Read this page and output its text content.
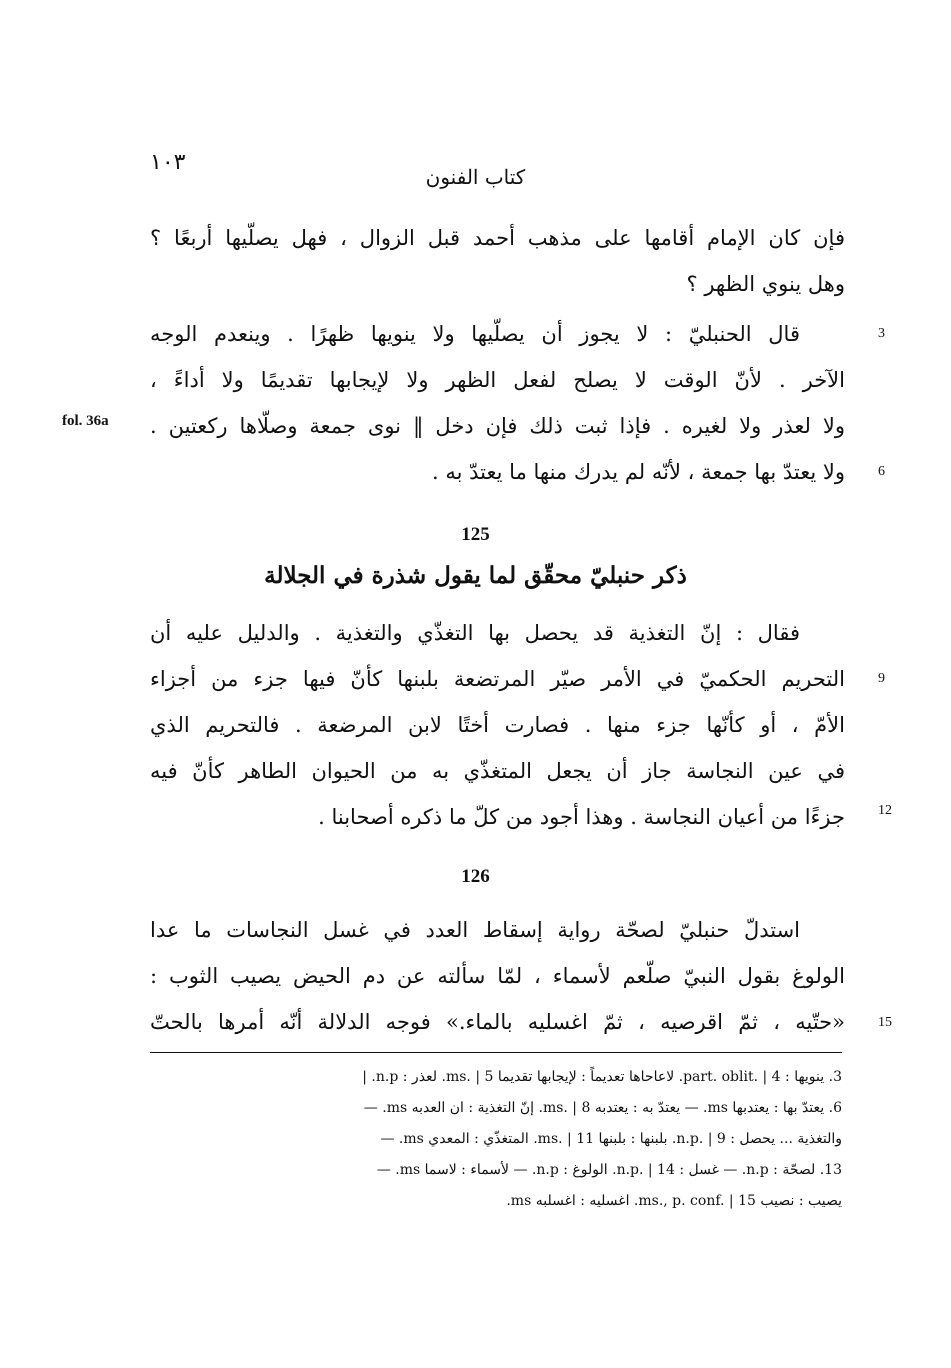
١٠٣
كتاب الفنون
فإن كان الإمام أقامها على مذهب أحمد قبل الزوال ، فهل يصلّيها أربعًا ؟
وهل ينوي الظهر ؟
قال الحنبليّ : لا يجوز أن يصلّيها ولا ينويها ظهرًا . وينعدم الوجه
الآخر . لأنّ الوقت لا يصلح لفعل الظهر ولا لإيجابها تقديمًا ولا أداءً ،
ولا لعذر ولا لغيره . فإذا ثبت ذلك فإن دخل ‖ نوى جمعة وصلّاها ركعتين .
ولا يعتدّ بها جمعة ، لأنّه لم يدرك منها ما يعتدّ به .
fol. 36a
125
ذكر حنبليّ محقّق لما يقول شذرة في الجلالة
فقال : إنّ التغذية قد يحصل بها التغذّي والتغذية . والدليل عليه أن
التحريم الحكميّ في الأمر صيّر المرتضعة بلبنها كأنّ فيها جزء من أجزاء
الأمّ ، أو كأنّها جزء منها . فصارت أختًا لابن المرضعة . فالتحريم الذي
في عين النجاسة جاز أن يجعل المتغذّي به من الحيوان الطاهر كأنّ فيه
جزءًا من أعيان النجاسة . وهذا أجود من كلّ ما ذكره أصحابنا .
126
استدلّ حنبليّ لصحّة رواية إسقاط العدد في غسل النجاسات ما عدا
الولوغ بقول النبيّ صلّعم لأسماء ، لمّا سألته عن دم الحيض يصيب الثوب :
«حتّيه ، ثمّ اقرصيه ، ثمّ اغسليه بالماء.» فوجه الدلالة أنّه أمرها بالحتّ
3
6
9
12
15
3. ينويها : part. oblit. | 4. لاعاحاها تعديماً : لإيجابها تقديما ms. | 5. لعذر : n.p. |
6. يعتدّ بها : يعتدبها ms. — يعتدّ به : يعتدبه ms. | 8. إنّ التغذية : ان العدبه ms. —
والتغذية ... يحصل : n.p. | 9. بلبنها : بلبنها ms. | 11. المتغذّي : المعدي ms. —
13. لصحّة : n.p. — غسل : n.p. | 14. الولوغ : n.p. — لأسماء : لاسما ms. —
يصيب : نصيب ms., p. conf. | 15. اغسليه : اغسلبه ms.
